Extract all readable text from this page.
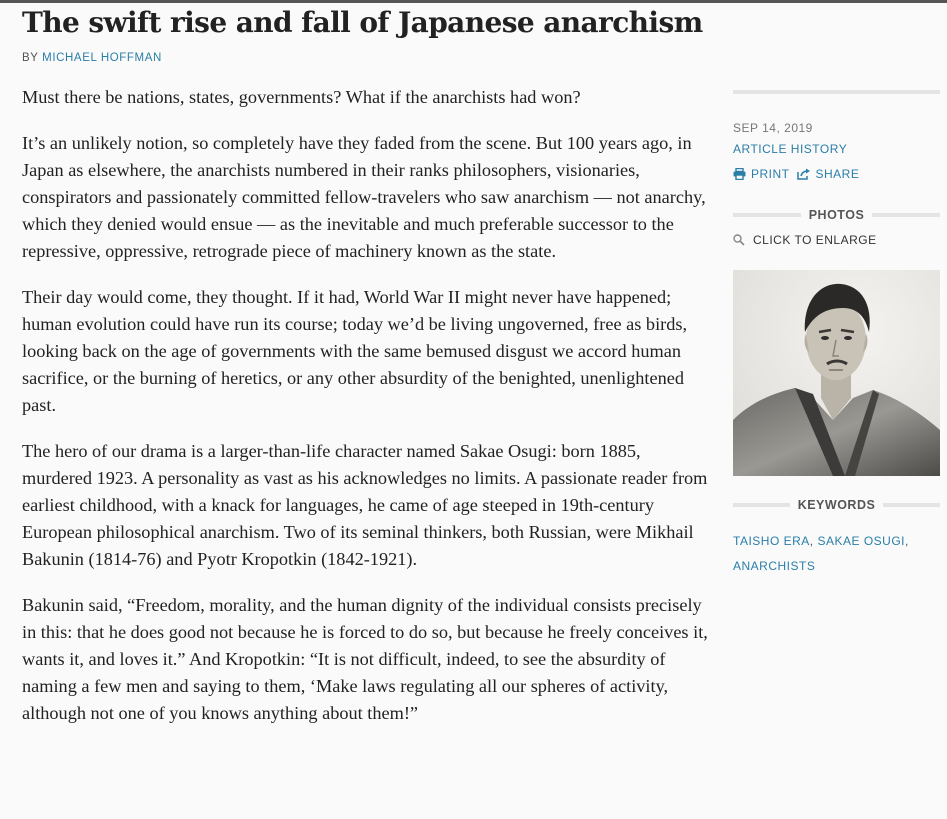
The swift rise and fall of Japanese anarchism
BY MICHAEL HOFFMAN

Must there be nations, states, governments? What if the anarchists had won?

It’s an unlikely notion, so completely have they faded from the scene. But 100 years ago, in Japan as elsewhere, the anarchists numbered in their ranks philosophers, visionaries, conspirators and passionately committed fellow-travelers who saw anarchism — not anarchy, which they denied would ensue — as the inevitable and much preferable successor to the repressive, oppressive, retrograde piece of machinery known as the state.

Their day would come, they thought. If it had, World War II might never have happened; human evolution could have run its course; today we’d be living ungoverned, free as birds, looking back on the age of governments with the same bemused disgust we accord human sacrifice, or the burning of heretics, or any other absurdity of the benighted, unenlightened past.

The hero of our drama is a larger-than-life character named Sakae Osugi: born 1885, murdered 1923. A personality as vast as his acknowledges no limits. A passionate reader from earliest childhood, with a knack for languages, he came of age steeped in 19th-century European philosophical anarchism. Two of its seminal thinkers, both Russian, were Mikhail Bakunin (1814-76) and Pyotr Kropotkin (1842-1921).

Bakunin said, “Freedom, morality, and the human dignity of the individual consists precisely in this: that he does good not because he is forced to do so, but because he freely conceives it, wants it, and loves it.” And Kropotkin: “It is not difficult, indeed, to see the absurdity of naming a few men and saying to them, ‘Make laws regulating all our spheres of activity, although not one of you knows anything about them!”

SEP 14, 2019
ARTICLE HISTORY
PRINT SHARE
PHOTOS
CLICK TO ENLARGE
KEYWORDS
TAISHO ERA, SAKAE OSUGI,
ANARCHISTS
